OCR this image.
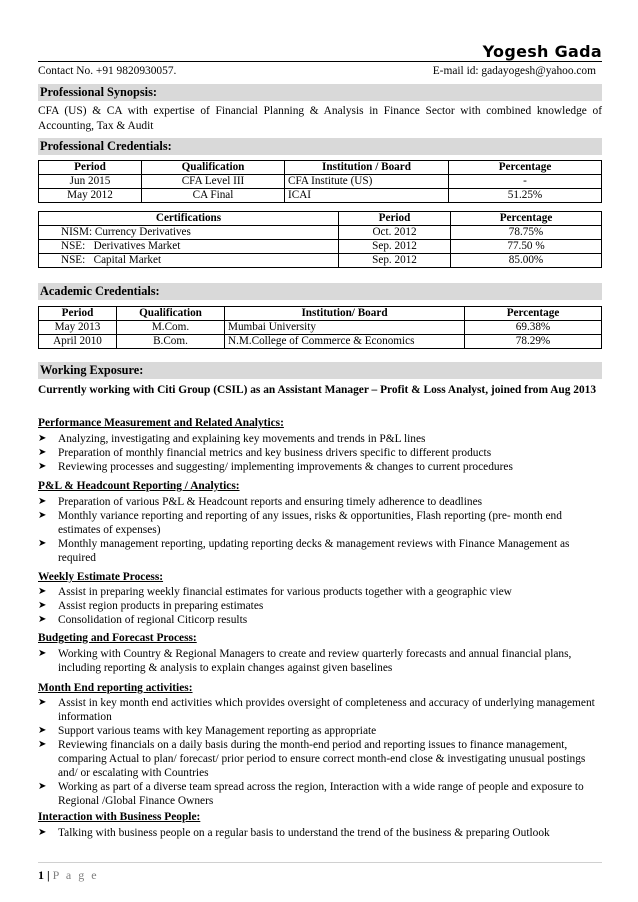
Yogesh Gada
Contact No. +91 9820930057.	E-mail id: gadayogesh@yahoo.com
Professional Synopsis:
CFA (US) & CA with expertise of Financial Planning & Analysis in Finance Sector with combined knowledge of Accounting, Tax & Audit
Professional Credentials:
Period	Qualification	Institution / Board	Percentage
Jun 2015	CFA Level III	CFA Institute (US)	-
May 2012	CA Final	ICAI	51.25%
Certifications	Period	Percentage
NISM: Currency Derivatives	Oct. 2012	78.75%
NSE:   Derivatives Market	Sep. 2012	77.50 %
NSE:   Capital Market	Sep. 2012	85.00%
Academic Credentials:
Period	Qualification	Institution/ Board	Percentage
May 2013	M.Com.	Mumbai University	69.38%
April 2010	B.Com.	N.M.College of Commerce & Economics	78.29%
Working Exposure:
Currently working with Citi Group (CSIL) as an Assistant Manager – Profit & Loss Analyst, joined from Aug 2013
Performance Measurement and Related Analytics:
➤ Analyzing, investigating and explaining key movements and trends in P&L lines
➤ Preparation of monthly financial metrics and key business drivers specific to different products
➤ Reviewing processes and suggesting/ implementing improvements & changes to current procedures
P&L & Headcount Reporting / Analytics:
➤ Preparation of various P&L & Headcount reports and ensuring timely adherence to deadlines
➤ Monthly variance reporting and reporting of any issues, risks & opportunities, Flash reporting (pre- month end estimates of expenses)
➤ Monthly management reporting, updating reporting decks & management reviews with Finance Management as required
Weekly Estimate Process:
➤ Assist in preparing weekly financial estimates for various products together with a geographic view
➤ Assist region products in preparing estimates
➤ Consolidation of regional Citicorp results
Budgeting and Forecast Process:
➤ Working with Country & Regional Managers to create and review quarterly forecasts and annual financial plans, including reporting & analysis to explain changes against given baselines
Month End reporting activities:
➤ Assist in key month end activities which provides oversight of completeness and accuracy of underlying management information
➤ Support various teams with key Management reporting as appropriate
➤ Reviewing financials on a daily basis during the month-end period and reporting issues to finance management, comparing Actual to plan/ forecast/ prior period to ensure correct month-end close & investigating unusual postings and/ or escalating with Countries
➤ Working as part of a diverse team spread across the region, Interaction with a wide range of people and exposure to Regional /Global Finance Owners
Interaction with Business People:
➤ Talking with business people on a regular basis to understand the trend of the business & preparing Outlook
1 | P a g e
